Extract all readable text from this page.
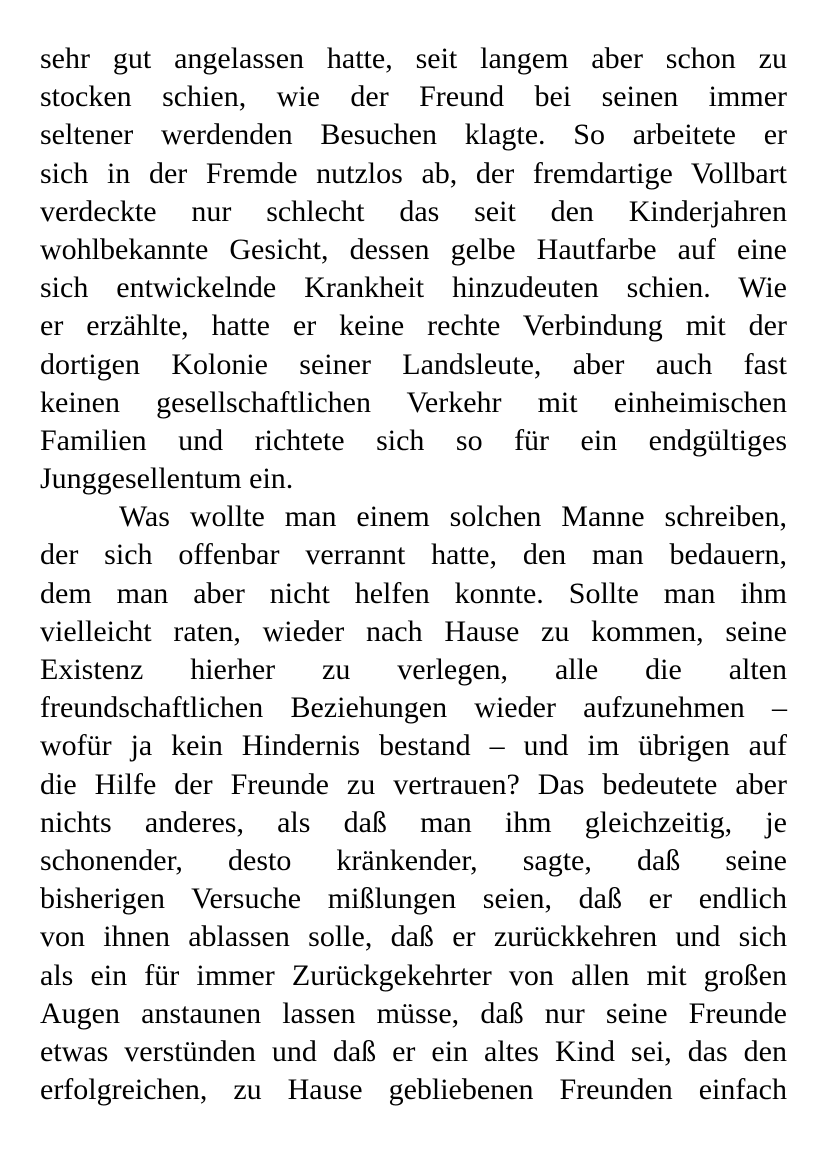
sehr gut angelassen hatte, seit langem aber schon zu
stocken schien, wie der Freund bei seinen immer
seltener werdenden Besuchen klagte. So arbeitete er
sich in der Fremde nutzlos ab, der fremdartige Vollbart
verdeckte nur schlecht das seit den Kinderjahren
wohlbekannte Gesicht, dessen gelbe Hautfarbe auf eine
sich entwickelnde Krankheit hinzudeuten schien. Wie
er erzählte, hatte er keine rechte Verbindung mit der
dortigen Kolonie seiner Landsleute, aber auch fast
keinen gesellschaftlichen Verkehr mit einheimischen
Familien und richtete sich so für ein endgültiges
Junggesellentum ein.
Was wollte man einem solchen Manne schreiben,
der sich offenbar verrannt hatte, den man bedauern,
dem man aber nicht helfen konnte. Sollte man ihm
vielleicht raten, wieder nach Hause zu kommen, seine
Existenz hierher zu verlegen, alle die alten
freundschaftlichen Beziehungen wieder aufzunehmen –
wofür ja kein Hindernis bestand – und im übrigen auf
die Hilfe der Freunde zu vertrauen? Das bedeutete aber
nichts anderes, als daß man ihm gleichzeitig, je
schonender, desto kränkender, sagte, daß seine
bisherigen Versuche mißlungen seien, daß er endlich
von ihnen ablassen solle, daß er zurückkehren und sich
als ein für immer Zurückgekehrter von allen mit großen
Augen anstaunen lassen müsse, daß nur seine Freunde
etwas verstünden und daß er ein altes Kind sei, das den
erfolgreichen, zu Hause gebliebenen Freunden einfach
